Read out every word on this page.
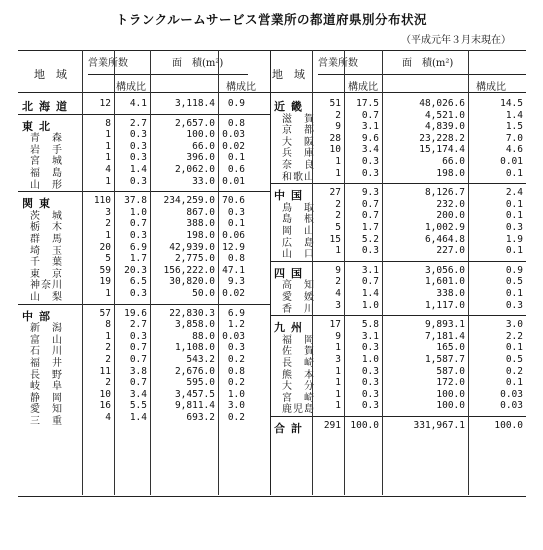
トランクルームサービス営業所の都道府県別分布状況
（平成元年３月末現在）
地　域
営業所数
構成比
面　積(m²)
構成比
地　域
営業所数
構成比
面　積(m²)
構成比
北海道	12	4.1	3,118.4	0.9
東北	8	2.7	2,657.0	0.8
青　森	1	0.3	100.0 0.03
岩　手	1	0.3	66.0 0.02
宮　城	1	0.3	396.0	0.1
福　島	4	1.4	2,062.0	0.6
山　形	1	0.3	33.0 0.01
関東	110	37.8	234,259.0 70.6
茨　城	3	1.0	867.0	0.3
栃　木	2	0.7	388.0	0.1
群　馬	1	0.3	198.0 0.06
埼　玉	20	6.9	42,939.0 12.9
千　葉	5	1.7	2,775.0	0.8
東　京	59	20.3	156,222.0 47.1
神奈川	19	6.5	30,820.0	9.3
山　梨	1	0.3	50.0 0.02
中部	57	19.6	22,830.3	6.9
新　潟	8	2.7	3,858.0	1.2
富　山	1	0.3	88.0 0.03
石　川	2	0.7	1,108.0	0.3
福　井	2	0.7	543.2	0.2
長　野	11	3.8	2,676.0	0.8
岐　阜	2	0.7	595.0	0.2
静　岡	10	3.4	3,457.5	1.0
愛　知	16	5.5	9,811.4	3.0
三　重	4	1.4	693.2	0.2
近畿	51	17.5	48,026.6	14.5
滋　賀	2	0.7	4,521.0	1.4
京　都	9	3.1	4,839.0	1.5
大　阪	28	9.6	23,228.2	7.0
兵　庫	10	3.4	15,174.4	4.6
奈　良	1	0.3	66.0	0.01
和歌山	1	0.3	198.0	0.1
中国	27	9.3	8,126.7	2.4
鳥　取	2	0.7	232.0	0.1
島　根	2	0.7	200.0	0.1
岡　山	5	1.7	1,002.9	0.3
広　島	15	5.2	6,464.8	1.9
山　口	1	0.3	227.0	0.1
四国	9	3.1	3,056.0	0.9
高　知	2	0.7	1,601.0	0.5
愛　媛	4	1.4	338.0	0.1
香　川	3	1.0	1,117.0	0.3
九州	17	5.8	9,893.1	3.0
福　岡	9	3.1	7,181.4	2.2
佐　賀	1	0.3	165.0	0.1
長　崎	3	1.0	1,587.7	0.5
熊　本	1	0.3	587.0	0.2
大　分	1	0.3	172.0	0.1
宮　崎	1	0.3	100.0	0.03
鹿児島	1	0.3	100.0	0.03
合計	291 100.0	331,967.1	100.0
